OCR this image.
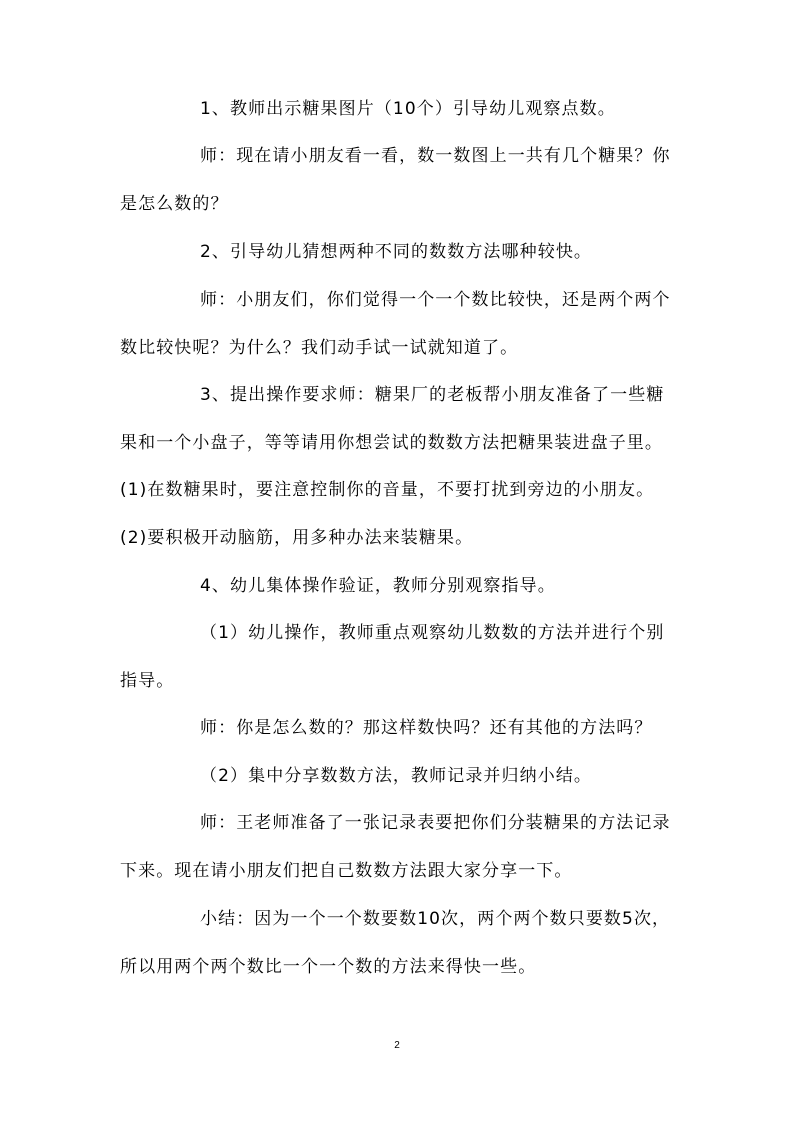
1、教师出示糖果图片（10个）引导幼儿观察点数。

师：现在请小朋友看一看，数一数图上一共有几个糖果？你是怎么数的？

2、引导幼儿猜想两种不同的数数方法哪种较快。

师：小朋友们，你们觉得一个一个数比较快，还是两个两个数比较快呢？为什么？我们动手试一试就知道了。

3、提出操作要求师：糖果厂的老板帮小朋友准备了一些糖果和一个小盘子，等等请用你想尝试的数数方法把糖果装进盘子里。

(1)在数糖果时，要注意控制你的音量，不要打扰到旁边的小朋友。(2)要积极开动脑筋，用多种办法来装糖果。

4、幼儿集体操作验证，教师分别观察指导。

（1）幼儿操作，教师重点观察幼儿数数的方法并进行个别指导。

师：你是怎么数的？那这样数快吗？还有其他的方法吗？

（2）集中分享数数方法，教师记录并归纳小结。

师：王老师准备了一张记录表要把你们分装糖果的方法记录下来。现在请小朋友们把自己数数方法跟大家分享一下。

小结：因为一个一个数要数10次，两个两个数只要数5次，所以用两个两个数比一个一个数的方法来得快一些。

2
